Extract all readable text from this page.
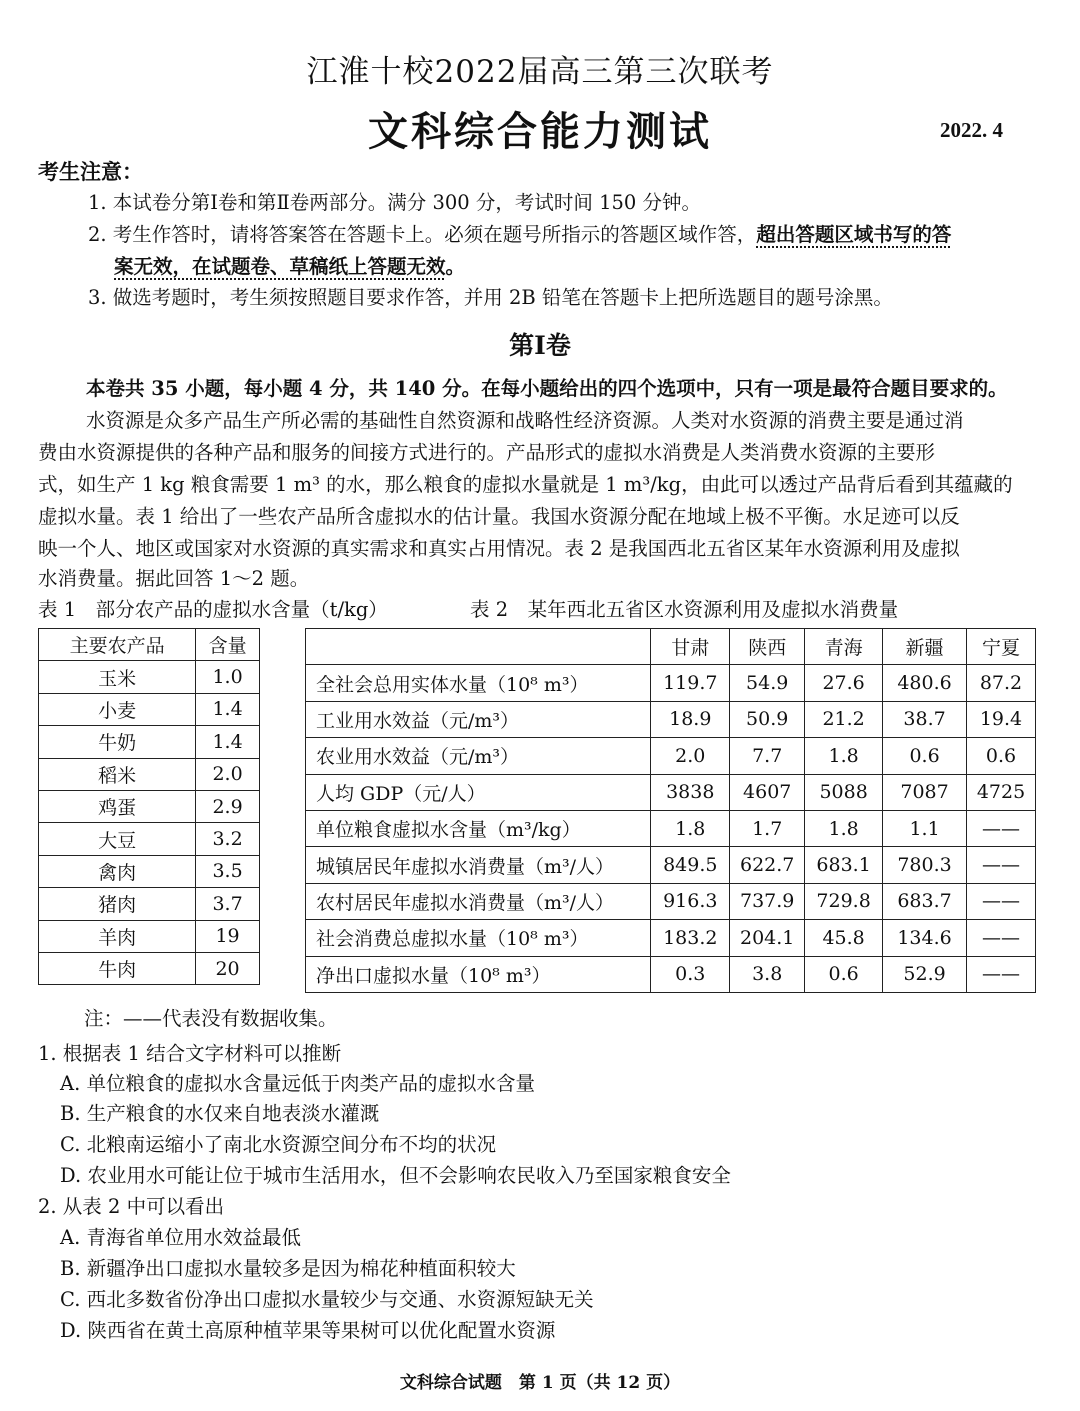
江淮十校2022届高三第三次联考
文科综合能力测试	2022. 4
考生注意：
1. 本试卷分第Ⅰ卷和第Ⅱ卷两部分。满分 300 分，考试时间 150 分钟。
2. 考生作答时，请将答案答在答题卡上。必须在题号所指示的答题区域作答，超出答题区域书写的答
案无效，在试题卷、草稿纸上答题无效。
3. 做选考题时，考生须按照题目要求作答，并用 2B 铅笔在答题卡上把所选题目的题号涂黑。
第Ⅰ卷
本卷共 35 小题，每小题 4 分，共 140 分。在每小题给出的四个选项中，只有一项是最符合题目要求的。
水资源是众多产品生产所必需的基础性自然资源和战略性经济资源。人类对水资源的消费主要是通过消
费由水资源提供的各种产品和服务的间接方式进行的。产品形式的虚拟水消费是人类消费水资源的主要形
式，如生产 1 kg 粮食需要 1 m³ 的水，那么粮食的虚拟水量就是 1 m³/kg，由此可以透过产品背后看到其蕴藏的
虚拟水量。表 1 给出了一些农产品所含虚拟水的估计量。我国水资源分配在地域上极不平衡。水足迹可以反
映一个人、地区或国家对水资源的真实需求和真实占用情况。表 2 是我国西北五省区某年水资源利用及虚拟
水消费量。据此回答 1～2 题。
表 1　部分农产品的虚拟水含量（t/kg）	表 2　某年西北五省区水资源利用及虚拟水消费量
主要农产品	含量
玉米	1.0
小麦	1.4
牛奶	1.4
稻米	2.0
鸡蛋	2.9
大豆	3.2
禽肉	3.5
猪肉	3.7
羊肉	19
牛肉	20
	甘肃	陕西	青海	新疆	宁夏
全社会总用实体水量（10⁸ m³）	119.7	54.9	27.6	480.6	87.2
工业用水效益（元/m³）	18.9	50.9	21.2	38.7	19.4
农业用水效益（元/m³）	2.0	7.7	1.8	0.6	0.6
人均 GDP（元/人）	3838	4607	5088	7087	4725
单位粮食虚拟水含量（m³/kg）	1.8	1.7	1.8	1.1	——
城镇居民年虚拟水消费量（m³/人）	849.5	622.7	683.1	780.3	——
农村居民年虚拟水消费量（m³/人）	916.3	737.9	729.8	683.7	——
社会消费总虚拟水量（10⁸ m³）	183.2	204.1	45.8	134.6	——
净出口虚拟水量（10⁸ m³）	0.3	3.8	0.6	52.9	——
注：——代表没有数据收集。
1. 根据表 1 结合文字材料可以推断
A. 单位粮食的虚拟水含量远低于肉类产品的虚拟水含量
B. 生产粮食的水仅来自地表淡水灌溉
C. 北粮南运缩小了南北水资源空间分布不均的状况
D. 农业用水可能让位于城市生活用水，但不会影响农民收入乃至国家粮食安全
2. 从表 2 中可以看出
A. 青海省单位用水效益最低
B. 新疆净出口虚拟水量较多是因为棉花种植面积较大
C. 西北多数省份净出口虚拟水量较少与交通、水资源短缺无关
D. 陕西省在黄土高原种植苹果等果树可以优化配置水资源
文科综合试题　第 1 页（共 12 页）
